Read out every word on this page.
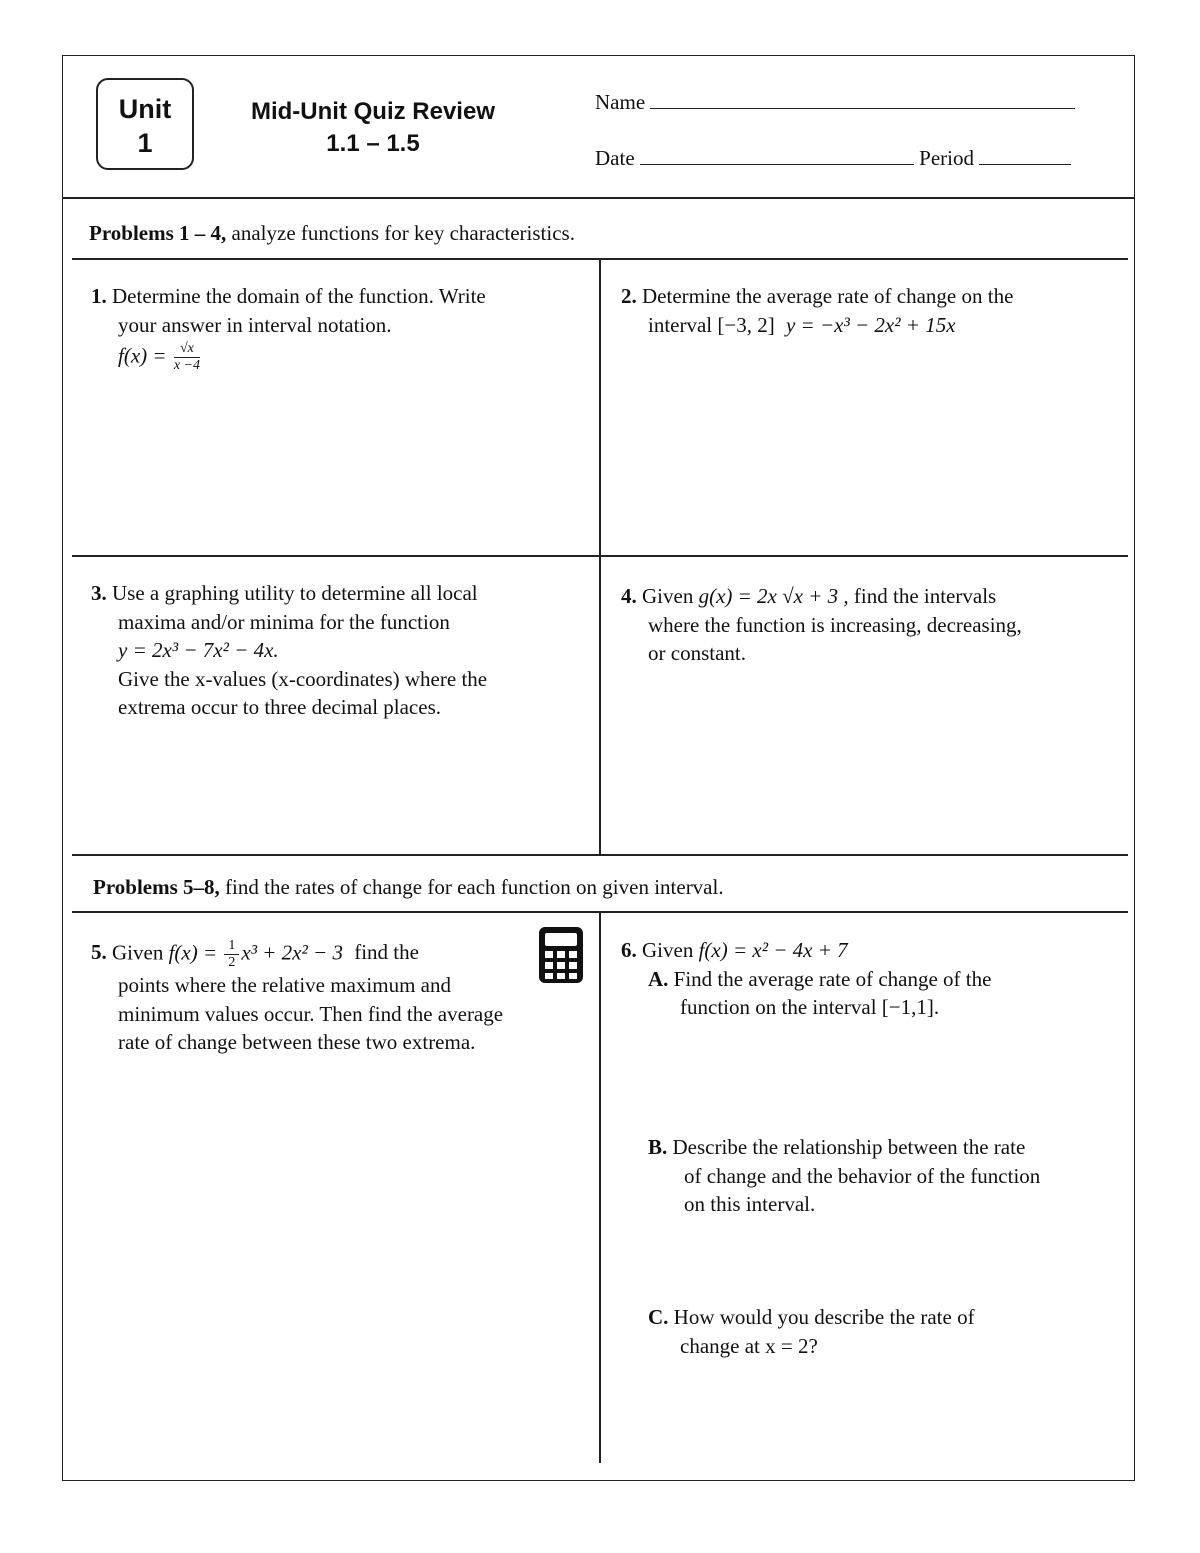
Unit
1
Mid-Unit Quiz Review
1.1 – 1.5
Name
Date	Period
Problems 1 – 4, analyze functions for key characteristics.
1. Determine the domain of the function. Write
your answer in interval notation.
$f(x) = \frac{√x}{x -4}$
2. Determine the average rate of change on the
interval [−3, 2] y = −x³ − 2x² + 15x
3. Use a graphing utility to determine all local
maxima and/or minima for the function
y = 2x³ − 7x² − 4x.
Give the x-values (x-coordinates) where the
extrema occur to three decimal places.
4. Given g(x) = 2x √x + 3 , find the intervals
where the function is increasing, decreasing,
or constant.
Problems 5–8, find the rates of change for each function on given interval.
5. Given $f(x) = \frac{1}{2} x^3 + 2x^2 - 3$ find the
points where the relative maximum and
minimum values occur. Then find the average
rate of change between these two extrema.
6. Given f(x) = x² − 4x + 7
A. Find the average rate of change of the
function on the interval [−1,1].
B. Describe the relationship between the rate
of change and the behavior of the function
on this interval.
C. How would you describe the rate of
change at x = 2?
